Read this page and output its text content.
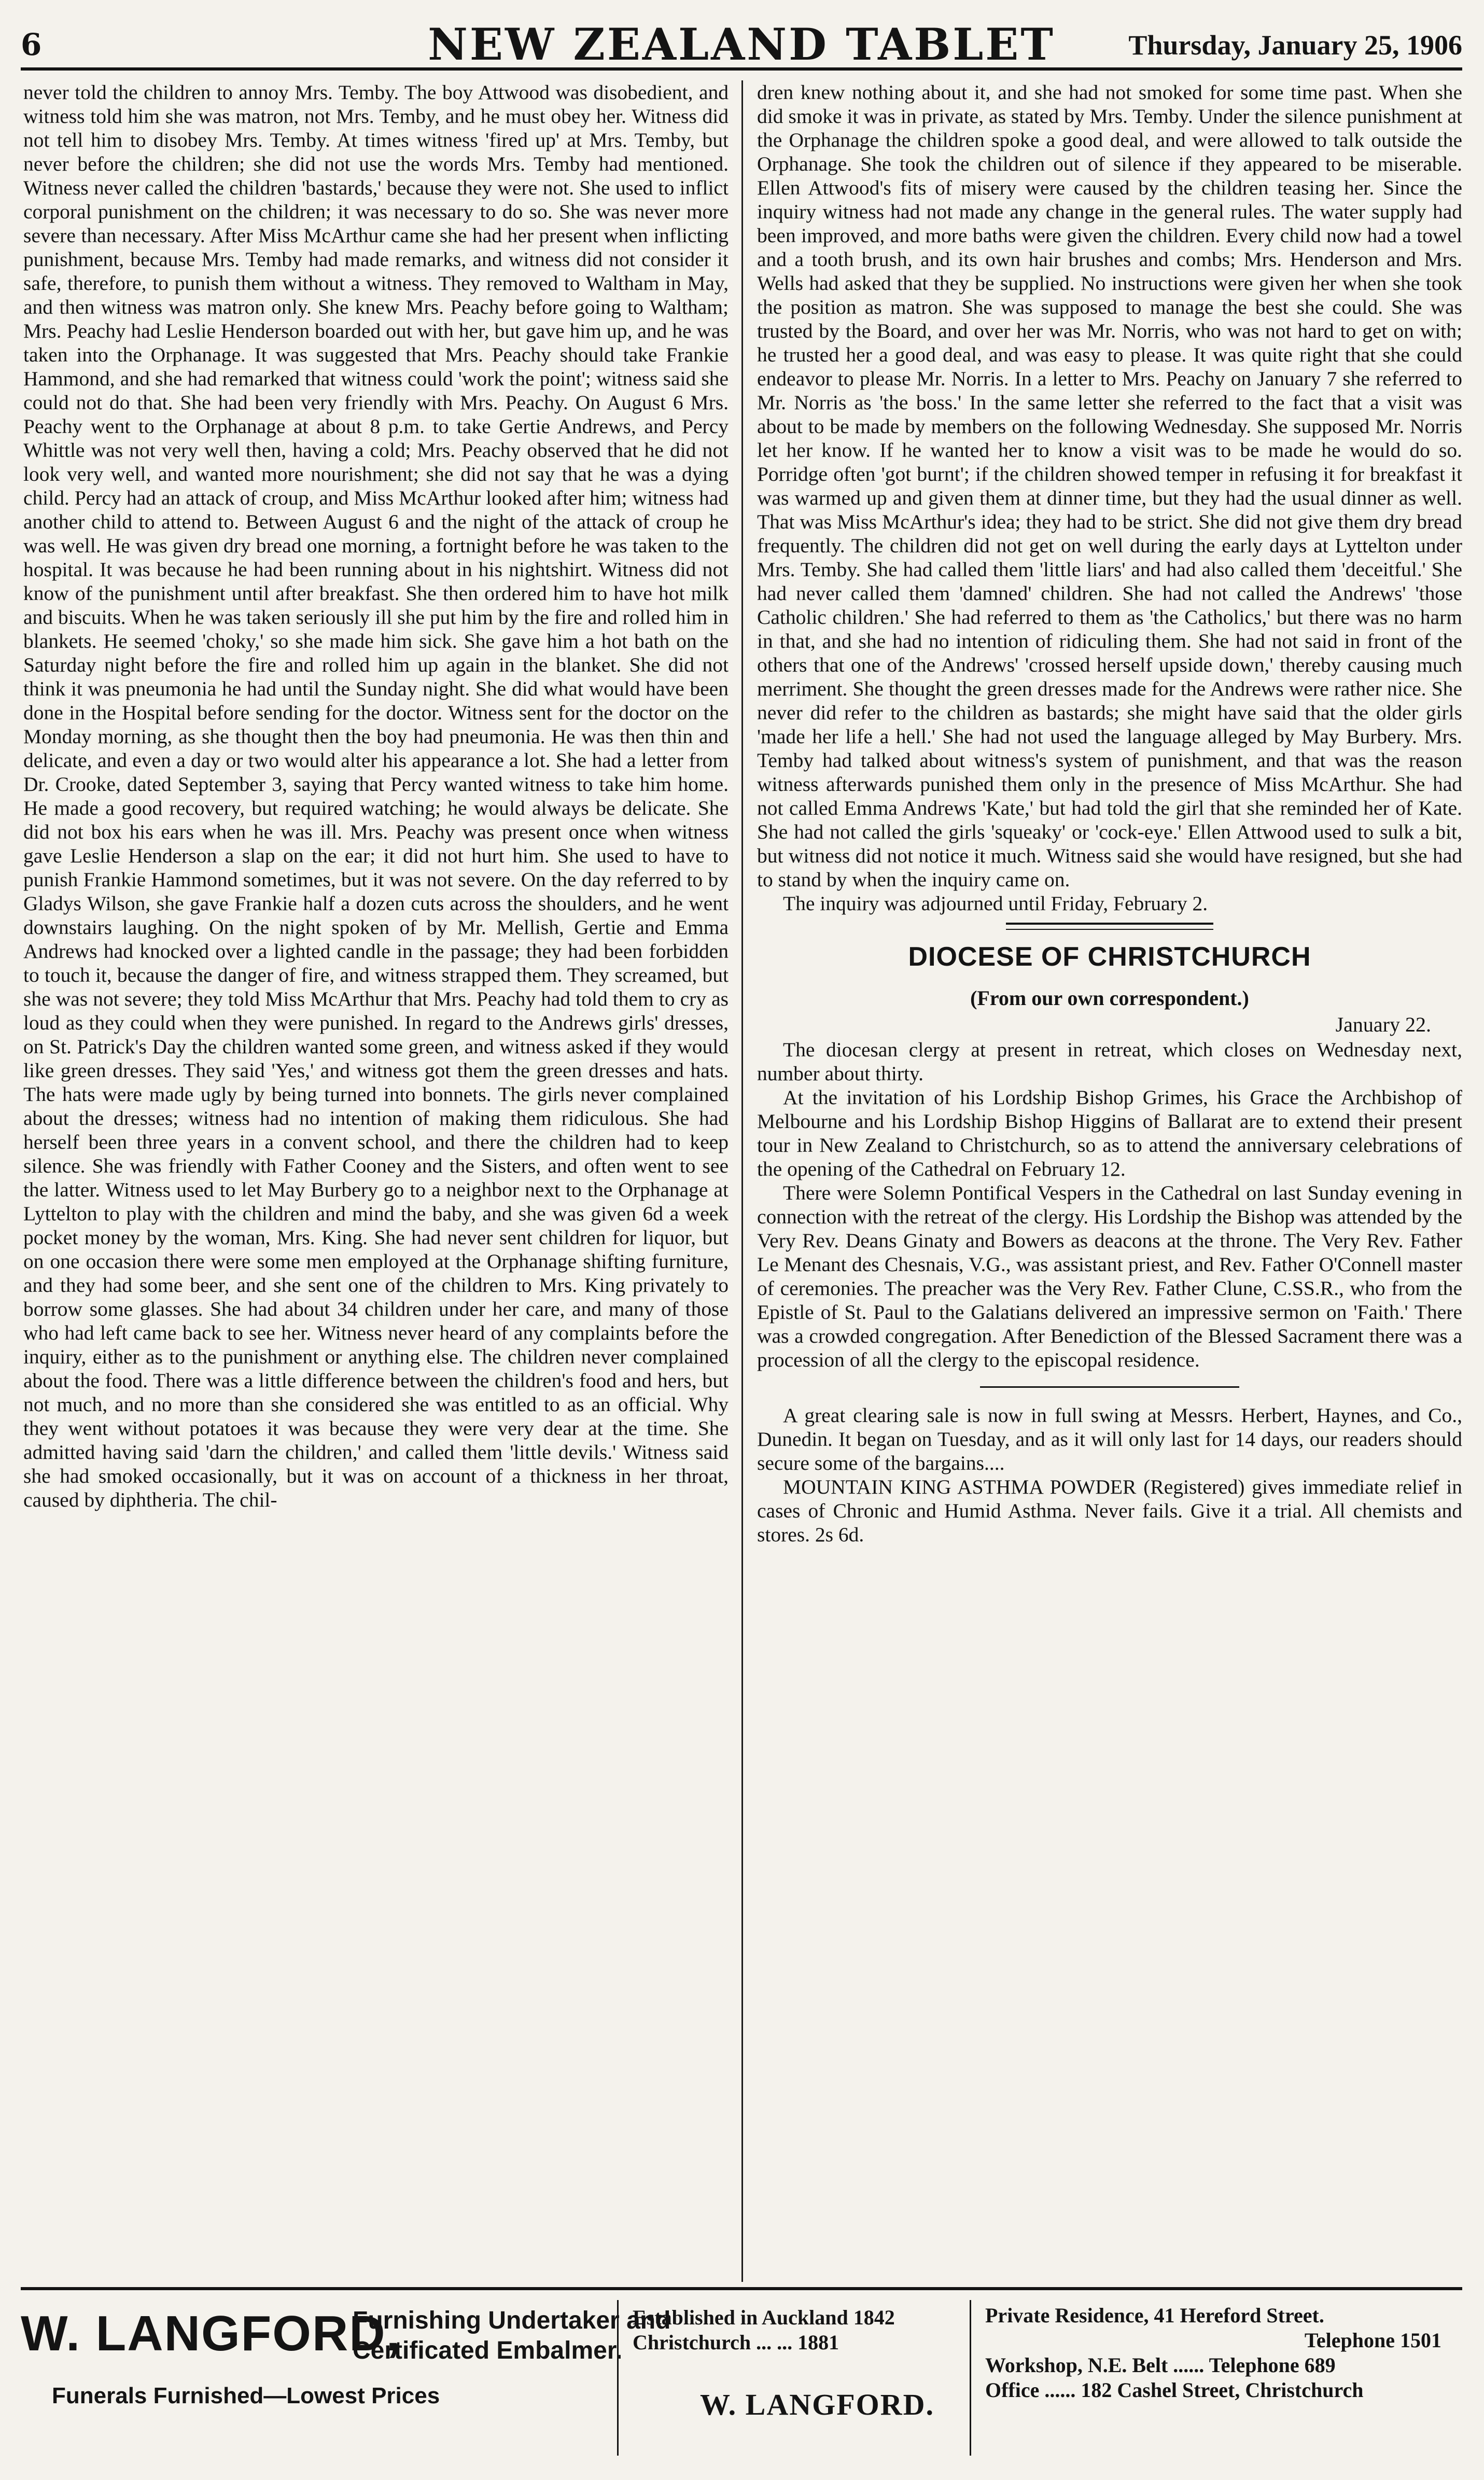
6	NEW ZEALAND TABLET	Thursday, January 25, 1906

never told the children to annoy Mrs. Temby. The boy Attwood was disobedient, and witness told him she was matron, not Mrs. Temby, and he must obey her. Witness did not tell him to disobey Mrs. Temby. At times witness 'fired up' at Mrs. Temby, but never before the children; she did not use the words Mrs. Temby had mentioned. Witness never called the children 'bastards,' because they were not. She used to inflict corporal punishment on the children; it was necessary to do so. She was never more severe than necessary. After Miss McArthur came she had her present when inflicting punishment, because Mrs. Temby had made remarks, and witness did not consider it safe, therefore, to punish them without a witness. They removed to Waltham in May, and then witness was matron only. She knew Mrs. Peachy before going to Waltham; Mrs. Peachy had Leslie Henderson boarded out with her, but gave him up, and he was taken into the Orphanage. It was suggested that Mrs. Peachy should take Frankie Hammond, and she had remarked that witness could 'work the point'; witness said she could not do that. She had been very friendly with Mrs. Peachy. On August 6 Mrs. Peachy went to the Orphanage at about 8 p.m. to take Gertie Andrews, and Percy Whittle was not very well then, having a cold; Mrs. Peachy observed that he did not look very well, and wanted more nourishment; she did not say that he was a dying child. Percy had an attack of croup, and Miss McArthur looked after him; witness had another child to attend to. Between August 6 and the night of the attack of croup he was well. He was given dry bread one morning, a fortnight before he was taken to the hospital. It was because he had been running about in his nightshirt. Witness did not know of the punishment until after breakfast. She then ordered him to have hot milk and biscuits. When he was taken seriously ill she put him by the fire and rolled him in blankets. He seemed 'choky,' so she made him sick. She gave him a hot bath on the Saturday night before the fire and rolled him up again in the blanket. She did not think it was pneumonia he had until the Sunday night. She did what would have been done in the Hospital before sending for the doctor. Witness sent for the doctor on the Monday morning, as she thought then the boy had pneumonia. He was then thin and delicate, and even a day or two would alter his appearance a lot. She had a letter from Dr. Crooke, dated September 3, saying that Percy wanted witness to take him home. He made a good recovery, but required watching; he would always be delicate. She did not box his ears when he was ill. Mrs. Peachy was present once when witness gave Leslie Henderson a slap on the ear; it did not hurt him. She used to have to punish Frankie Hammond sometimes, but it was not severe. On the day referred to by Gladys Wilson, she gave Frankie half a dozen cuts across the shoulders, and he went downstairs laughing. On the night spoken of by Mr. Mellish, Gertie and Emma Andrews had knocked over a lighted candle in the passage; they had been forbidden to touch it, because the danger of fire, and witness strapped them. They screamed, but she was not severe; they told Miss McArthur that Mrs. Peachy had told them to cry as loud as they could when they were punished. In regard to the Andrews girls' dresses, on St. Patrick's Day the children wanted some green, and witness asked if they would like green dresses. They said 'Yes,' and witness got them the green dresses and hats. The hats were made ugly by being turned into bonnets. The girls never complained about the dresses; witness had no intention of making them ridiculous. She had herself been three years in a convent school, and there the children had to keep silence. She was friendly with Father Cooney and the Sisters, and often went to see the latter. Witness used to let May Burbery go to a neighbor next to the Orphanage at Lyttelton to play with the children and mind the baby, and she was given 6d a week pocket money by the woman, Mrs. King. She had never sent children for liquor, but on one occasion there were some men employed at the Orphanage shifting furniture, and they had some beer, and she sent one of the children to Mrs. King privately to borrow some glasses. She had about 34 children under her care, and many of those who had left came back to see her. Witness never heard of any complaints before the inquiry, either as to the punishment or anything else. The children never complained about the food. There was a little difference between the children's food and hers, but not much, and no more than she considered she was entitled to as an official. Why they went without potatoes it was because they were very dear at the time. She admitted having said 'darn the children,' and called them 'little devils.' Witness said she had smoked occasionally, but it was on account of a thickness in her throat, caused by diphtheria. The chil-

dren knew nothing about it, and she had not smoked for some time past. When she did smoke it was in private, as stated by Mrs. Temby. Under the silence punishment at the Orphanage the children spoke a good deal, and were allowed to talk outside the Orphanage. She took the children out of silence if they appeared to be miserable. Ellen Attwood's fits of misery were caused by the children teasing her. Since the inquiry witness had not made any change in the general rules. The water supply had been improved, and more baths were given the children. Every child now had a towel and a tooth brush, and its own hair brushes and combs; Mrs. Henderson and Mrs. Wells had asked that they be supplied. No instructions were given her when she took the position as matron. She was supposed to manage the best she could. She was trusted by the Board, and over her was Mr. Norris, who was not hard to get on with; he trusted her a good deal, and was easy to please. It was quite right that she could endeavor to please Mr. Norris. In a letter to Mrs. Peachy on January 7 she referred to Mr. Norris as 'the boss.' In the same letter she referred to the fact that a visit was about to be made by members on the following Wednesday. She supposed Mr. Norris let her know. If he wanted her to know a visit was to be made he would do so. Porridge often 'got burnt'; if the children showed temper in refusing it for breakfast it was warmed up and given them at dinner time, but they had the usual dinner as well. That was Miss McArthur's idea; they had to be strict. She did not give them dry bread frequently. The children did not get on well during the early days at Lyttelton under Mrs. Temby. She had called them 'little liars' and had also called them 'deceitful.' She had never called them 'damned' children. She had not called the Andrews' 'those Catholic children.' She had referred to them as 'the Catholics,' but there was no harm in that, and she had no intention of ridiculing them. She had not said in front of the others that one of the Andrews' 'crossed herself upside down,' thereby causing much merriment. She thought the green dresses made for the Andrews were rather nice. She never did refer to the children as bastards; she might have said that the older girls 'made her life a hell.' She had not used the language alleged by May Burbery. Mrs. Temby had talked about witness's system of punishment, and that was the reason witness afterwards punished them only in the presence of Miss McArthur. She had not called Emma Andrews 'Kate,' but had told the girl that she reminded her of Kate. She had not called the girls 'squeaky' or 'cock-eye.' Ellen Attwood used to sulk a bit, but witness did not notice it much. Witness said she would have resigned, but she had to stand by when the inquiry came on.

The inquiry was adjourned until Friday, February 2.

DIOCESE OF CHRISTCHURCH
(From our own correspondent.)
January 22.

The diocesan clergy at present in retreat, which closes on Wednesday next, number about thirty.

At the invitation of his Lordship Bishop Grimes, his Grace the Archbishop of Melbourne and his Lordship Bishop Higgins of Ballarat are to extend their present tour in New Zealand to Christchurch, so as to attend the anniversary celebrations of the opening of the Cathedral on February 12.

There were Solemn Pontifical Vespers in the Cathedral on last Sunday evening in connection with the retreat of the clergy. His Lordship the Bishop was attended by the Very Rev. Deans Ginaty and Bowers as deacons at the throne. The Very Rev. Father Le Menant des Chesnais, V.G., was assistant priest, and Rev. Father O'Connell master of ceremonies. The preacher was the Very Rev. Father Clune, C.SS.R., who from the Epistle of St. Paul to the Galatians delivered an impressive sermon on 'Faith.' There was a crowded congregation. After Benediction of the Blessed Sacrament there was a procession of all the clergy to the episcopal residence.

A great clearing sale is now in full swing at Messrs. Herbert, Haynes, and Co., Dunedin. It began on Tuesday, and as it will only last for 14 days, our readers should secure some of the bargains....

MOUNTAIN KING ASTHMA POWDER (Registered) gives immediate relief in cases of Chronic and Humid Asthma. Never fails. Give it a trial. All chemists and stores. 2s 6d.

W. LANGFORD,
Furnishing Undertaker and
Certificated Embalmer.
Funerals Furnished—Lowest Prices
Established in Auckland 1842
Christchurch ... ... 1881
W. LANGFORD.
Private Residence, 41 Hereford Street.
Telephone 1501
Workshop, N.E. Belt ...... Telephone 689
Office ...... 182 Cashel Street, Christchurch
